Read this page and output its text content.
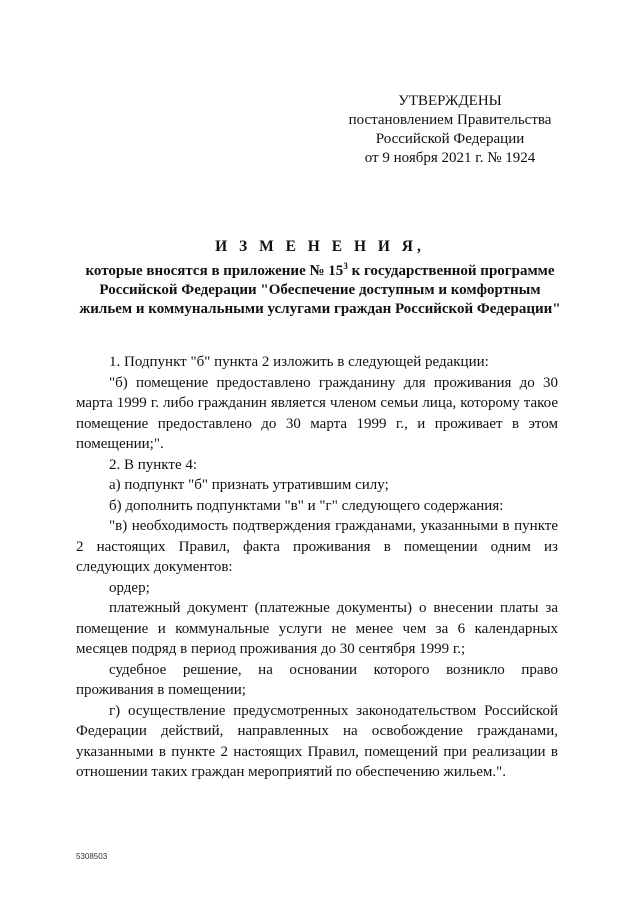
УТВЕРЖДЕНЫ
постановлением Правительства
Российской Федерации
от 9 ноября 2021 г. № 1924
И З М Е Н Е Н И Я,
которые вносятся в приложение № $15^3$ к государственной программе
Российской Федерации "Обеспечение доступным и комфортным
жильем и коммунальными услугами граждан Российской Федерации"

1. Подпункт "б" пункта 2 изложить в следующей редакции:

"б) помещение предоставлено гражданину для проживания до 30 марта 1999 г. либо гражданин является членом семьи лица, которому такое помещение предоставлено до 30 марта 1999 г., и проживает в этом помещении;".

2. В пункте 4:

а) подпункт "б" признать утратившим силу;

б) дополнить подпунктами "в" и "г" следующего содержания:

"в) необходимость подтверждения гражданами, указанными в пункте 2 настоящих Правил, факта проживания в помещении одним из следующих документов:

ордер;

платежный документ (платежные документы) о внесении платы за помещение и коммунальные услуги не менее чем за 6 календарных месяцев подряд в период проживания до 30 сентября 1999 г.;

судебное решение, на основании которого возникло право проживания в помещении;

г) осуществление предусмотренных законодательством Российской Федерации действий, направленных на освобождение гражданами, указанными в пункте 2 настоящих Правил, помещений при реализации в отношении таких граждан мероприятий по обеспечению жильем.".

5308503
